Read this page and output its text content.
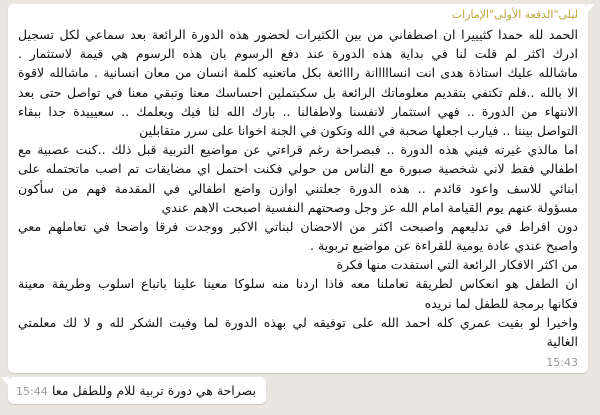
ليلى"الدفعة الأولى"الإمارات
الحمد لله حمدا كثيييرا ان اصطفاني من بين الكثيرات لحضور هذه الدورة الرائعة بعد سماعي لكل تسجيل
ادرك اكثر لم قلت لنا في بداية هذه الدورة عند دفع الرسوم بان هذه الرسوم هي قيمة لاستثمار .
ماشالله عليك استاذة هدى انت انسااااانة رااائعة بكل ماتعنيه كلمة انسان من معان انسانية . ماشالله لاقوة
الا بالله ..فلم تكتفي بتقديم معلوماتك الرائعة بل سكبتملين احساسك معنا وتبقي معنا في تواصل حتى بعد
الانتهاء من الدورة .. فهي استثمار لانفسنا ولاطفالنا .. بارك الله لنا فيك ويعلمك .. سعيييدة جدا ببقاء
التواصل بيننا .. فيارب اجعلها صحبة في الله وتكون في الجنة اخوانا على سرر متقابلين
اما مالذي غيرته فيني هذه الدورة .. فبصراحة رغم قراءتي عن مواضيع التربية قبل ذلك ..كنت عصبية مع
اطفالي فقط لاني شخصية صبورة مع الناس من حولي فكنت احتمل اي مضايقات تم اصب ماتحتمله على
ابنائي للاسف واعود قائدم .. هذه الدورة جعلتني اوازن واضع اطفالي في المقدمة فهم من سأكون
مسؤولة عنهم يوم القيامة امام الله عز وجل وصحتهم النفسية اصبحت الاهم عندي
دون افراط في تدليعهم واصبحت اكثر من الاحضان لبناتي الاكبر ووجدت فرقا واضحا في تعاملهم معي
واصبح عندي عادة يومية للقراءة عن مواضيع تربوية .
من اكثر الافكار الرائعة التي استفدت منها فكرة
ان الطفل هو انعكاس لطريقة تعاملنا معه فاذا اردنا منه سلوكا معينا علينا باتباع اسلوب وطريقة معينة
فكانها برمجة للطفل لما نريده
واخيرا لو بقيت عمري كله احمد الله على توفيقه لي بهذه الدورة لما وفيت الشكر لله و لا لك معلمتي
الغالية
15:43
بصراحة هي دورة تربية للام وللطفل معا
15:44
